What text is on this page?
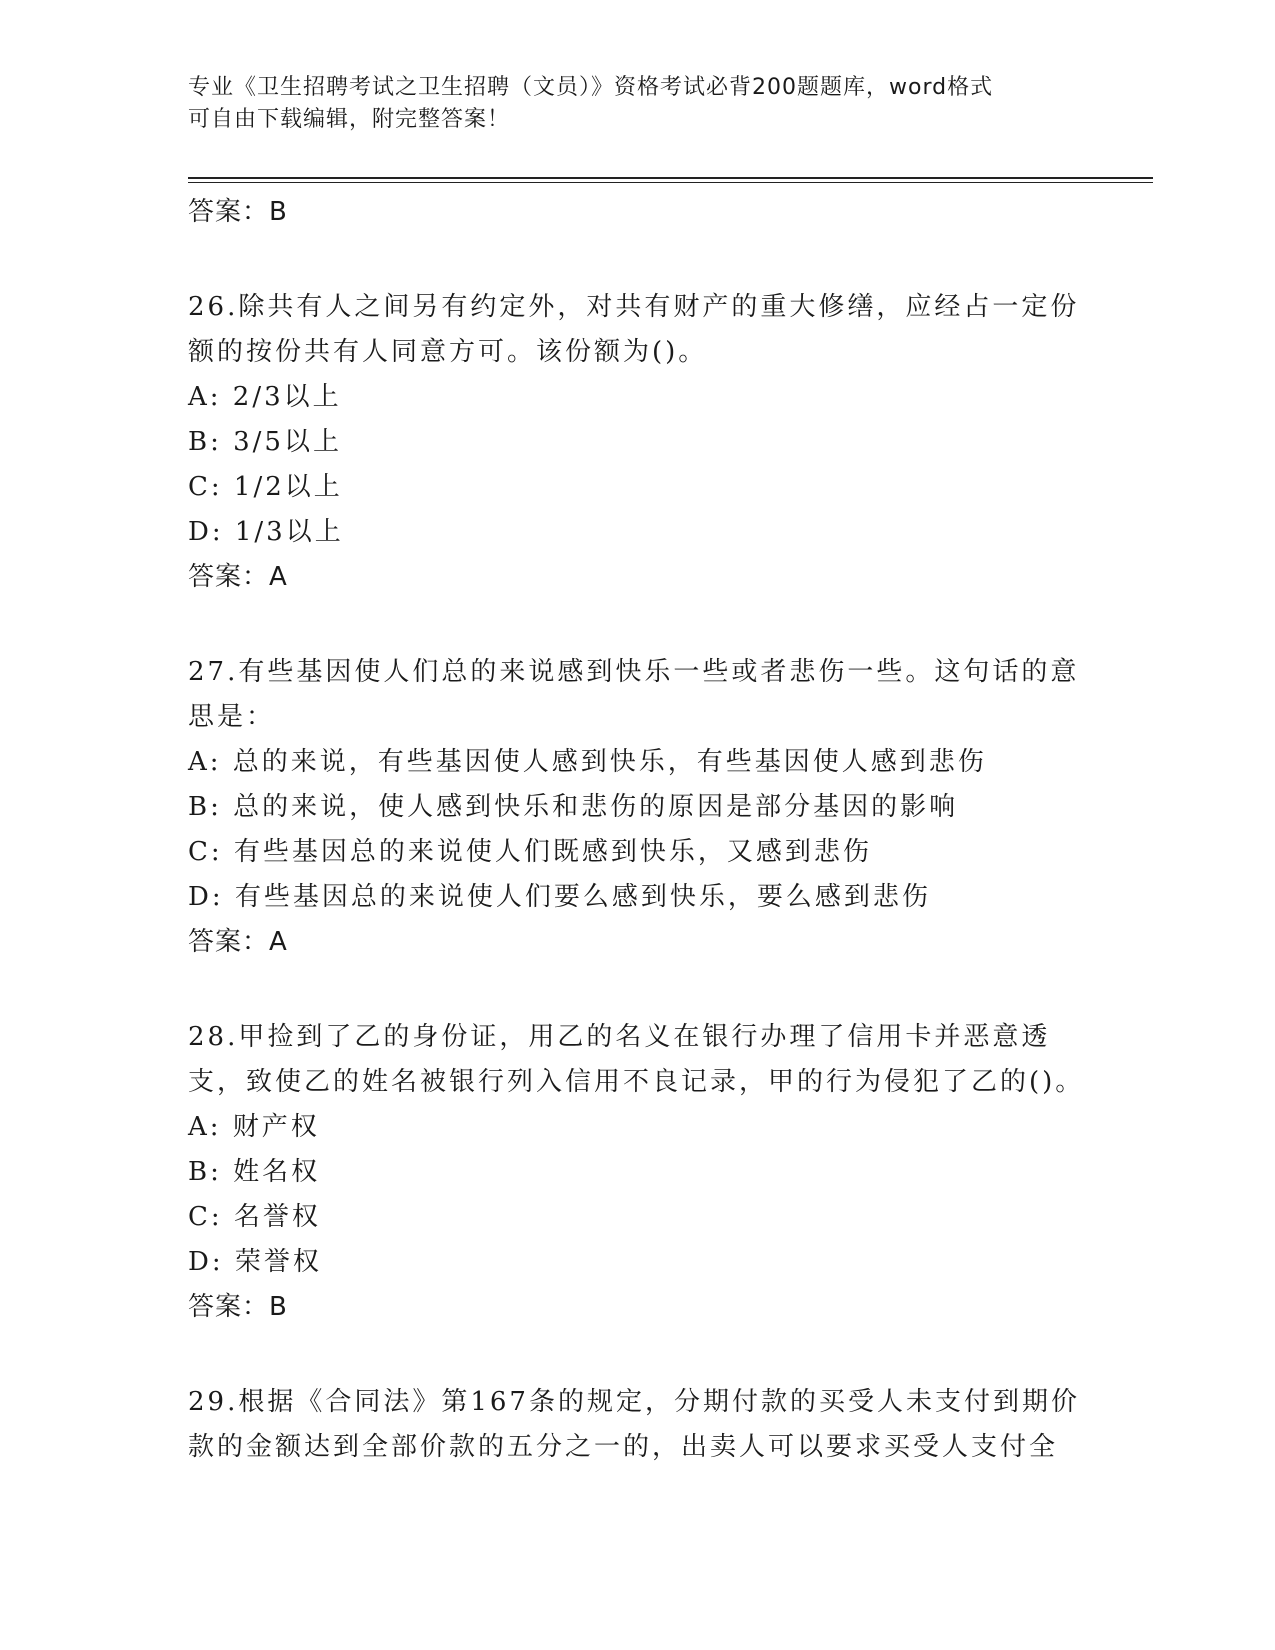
专业《卫生招聘考试之卫生招聘（文员）》资格考试必背200题题库，word格式
可自由下载编辑，附完整答案！
答案：B

26.除共有人之间另有约定外，对共有财产的重大修缮，应经占一定份额的按份共有人同意方可。该份额为()。

A: 2/3以上

B: 3/5以上

C: 1/2以上

D: 1/3以上

答案：A

27.有些基因使人们总的来说感到快乐一些或者悲伤一些。这句话的意思是：

A: 总的来说，有些基因使人感到快乐，有些基因使人感到悲伤

B: 总的来说，使人感到快乐和悲伤的原因是部分基因的影响

C: 有些基因总的来说使人们既感到快乐，又感到悲伤

D: 有些基因总的来说使人们要么感到快乐，要么感到悲伤

答案：A

28.甲捡到了乙的身份证，用乙的名义在银行办理了信用卡并恶意透支，致使乙的姓名被银行列入信用不良记录，甲的行为侵犯了乙的()。

A: 财产权

B: 姓名权

C: 名誉权

D: 荣誉权

答案：B

29.根据《合同法》第167条的规定，分期付款的买受人未支付到期价款的金额达到全部价款的五分之一的，出卖人可以要求买受人支付全
